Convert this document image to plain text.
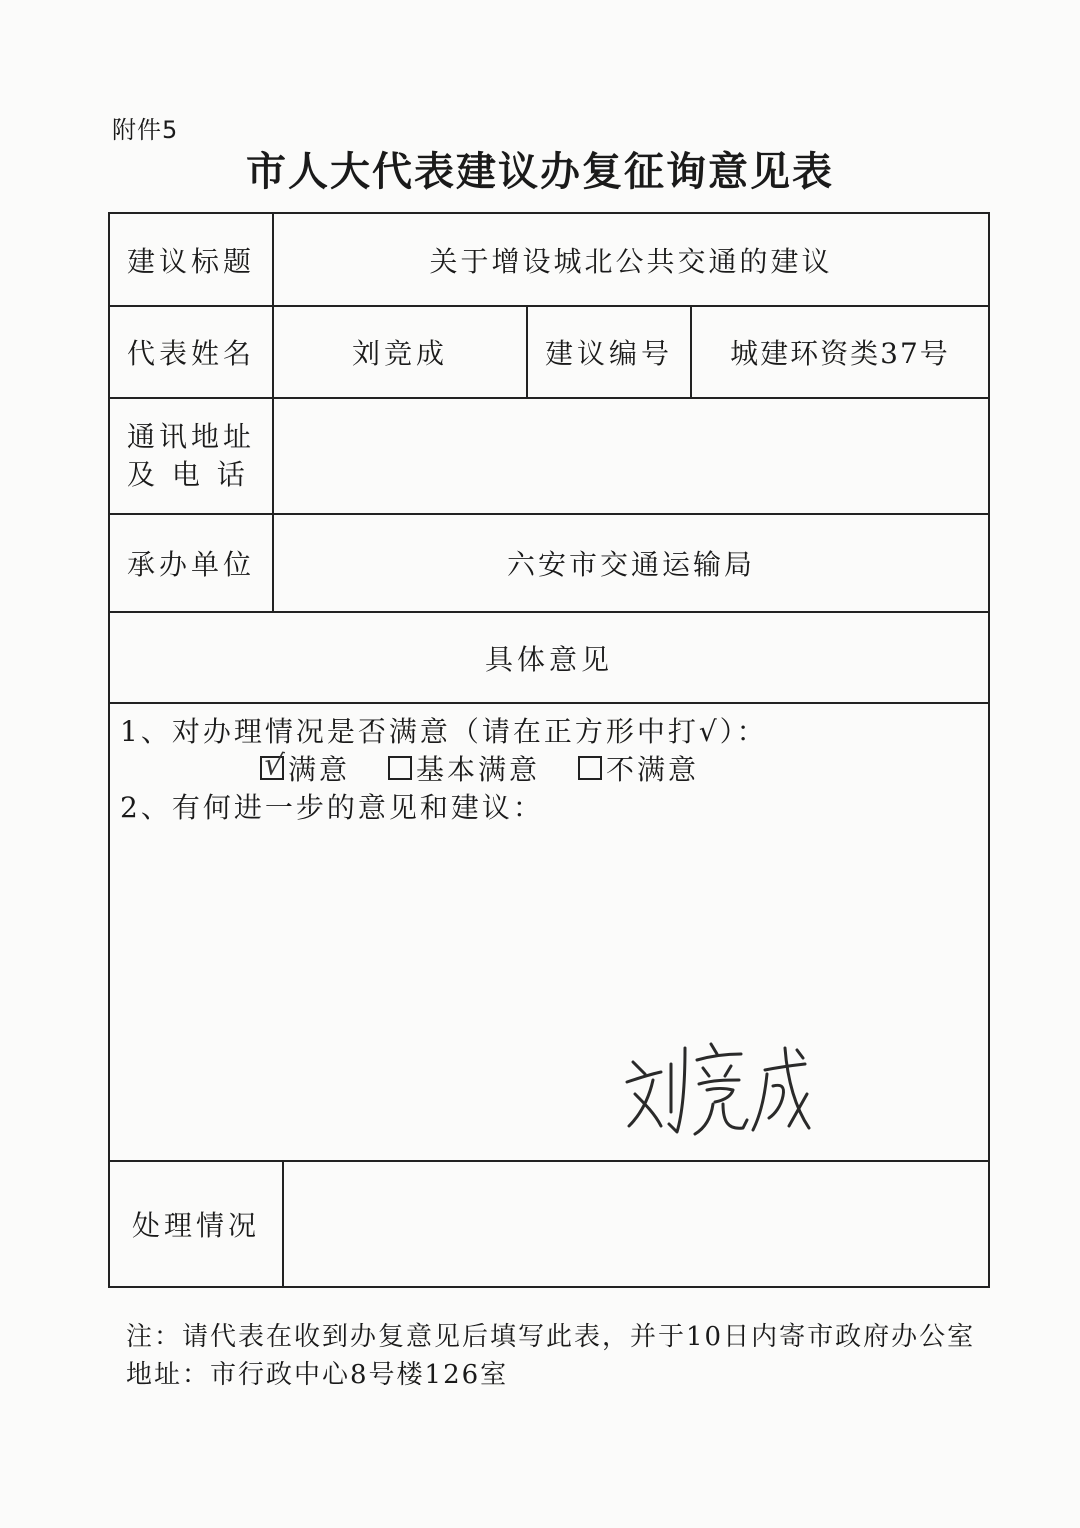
附件5
市人大代表建议办复征询意见表
建议标题	关于增设城北公共交通的建议
代表姓名	刘竞成	建议编号	城建环资类37号
通讯地址
及 电 话
承办单位	六安市交通运输局
具体意见
1、对办理情况是否满意（请在正方形中打√）：
√ 满意 基本满意 不满意
2、有何进一步的意见和建议：
处理情况
注：请代表在收到办复意见后填写此表，并于10日内寄市政府办公室
地址：市行政中心8号楼126室
